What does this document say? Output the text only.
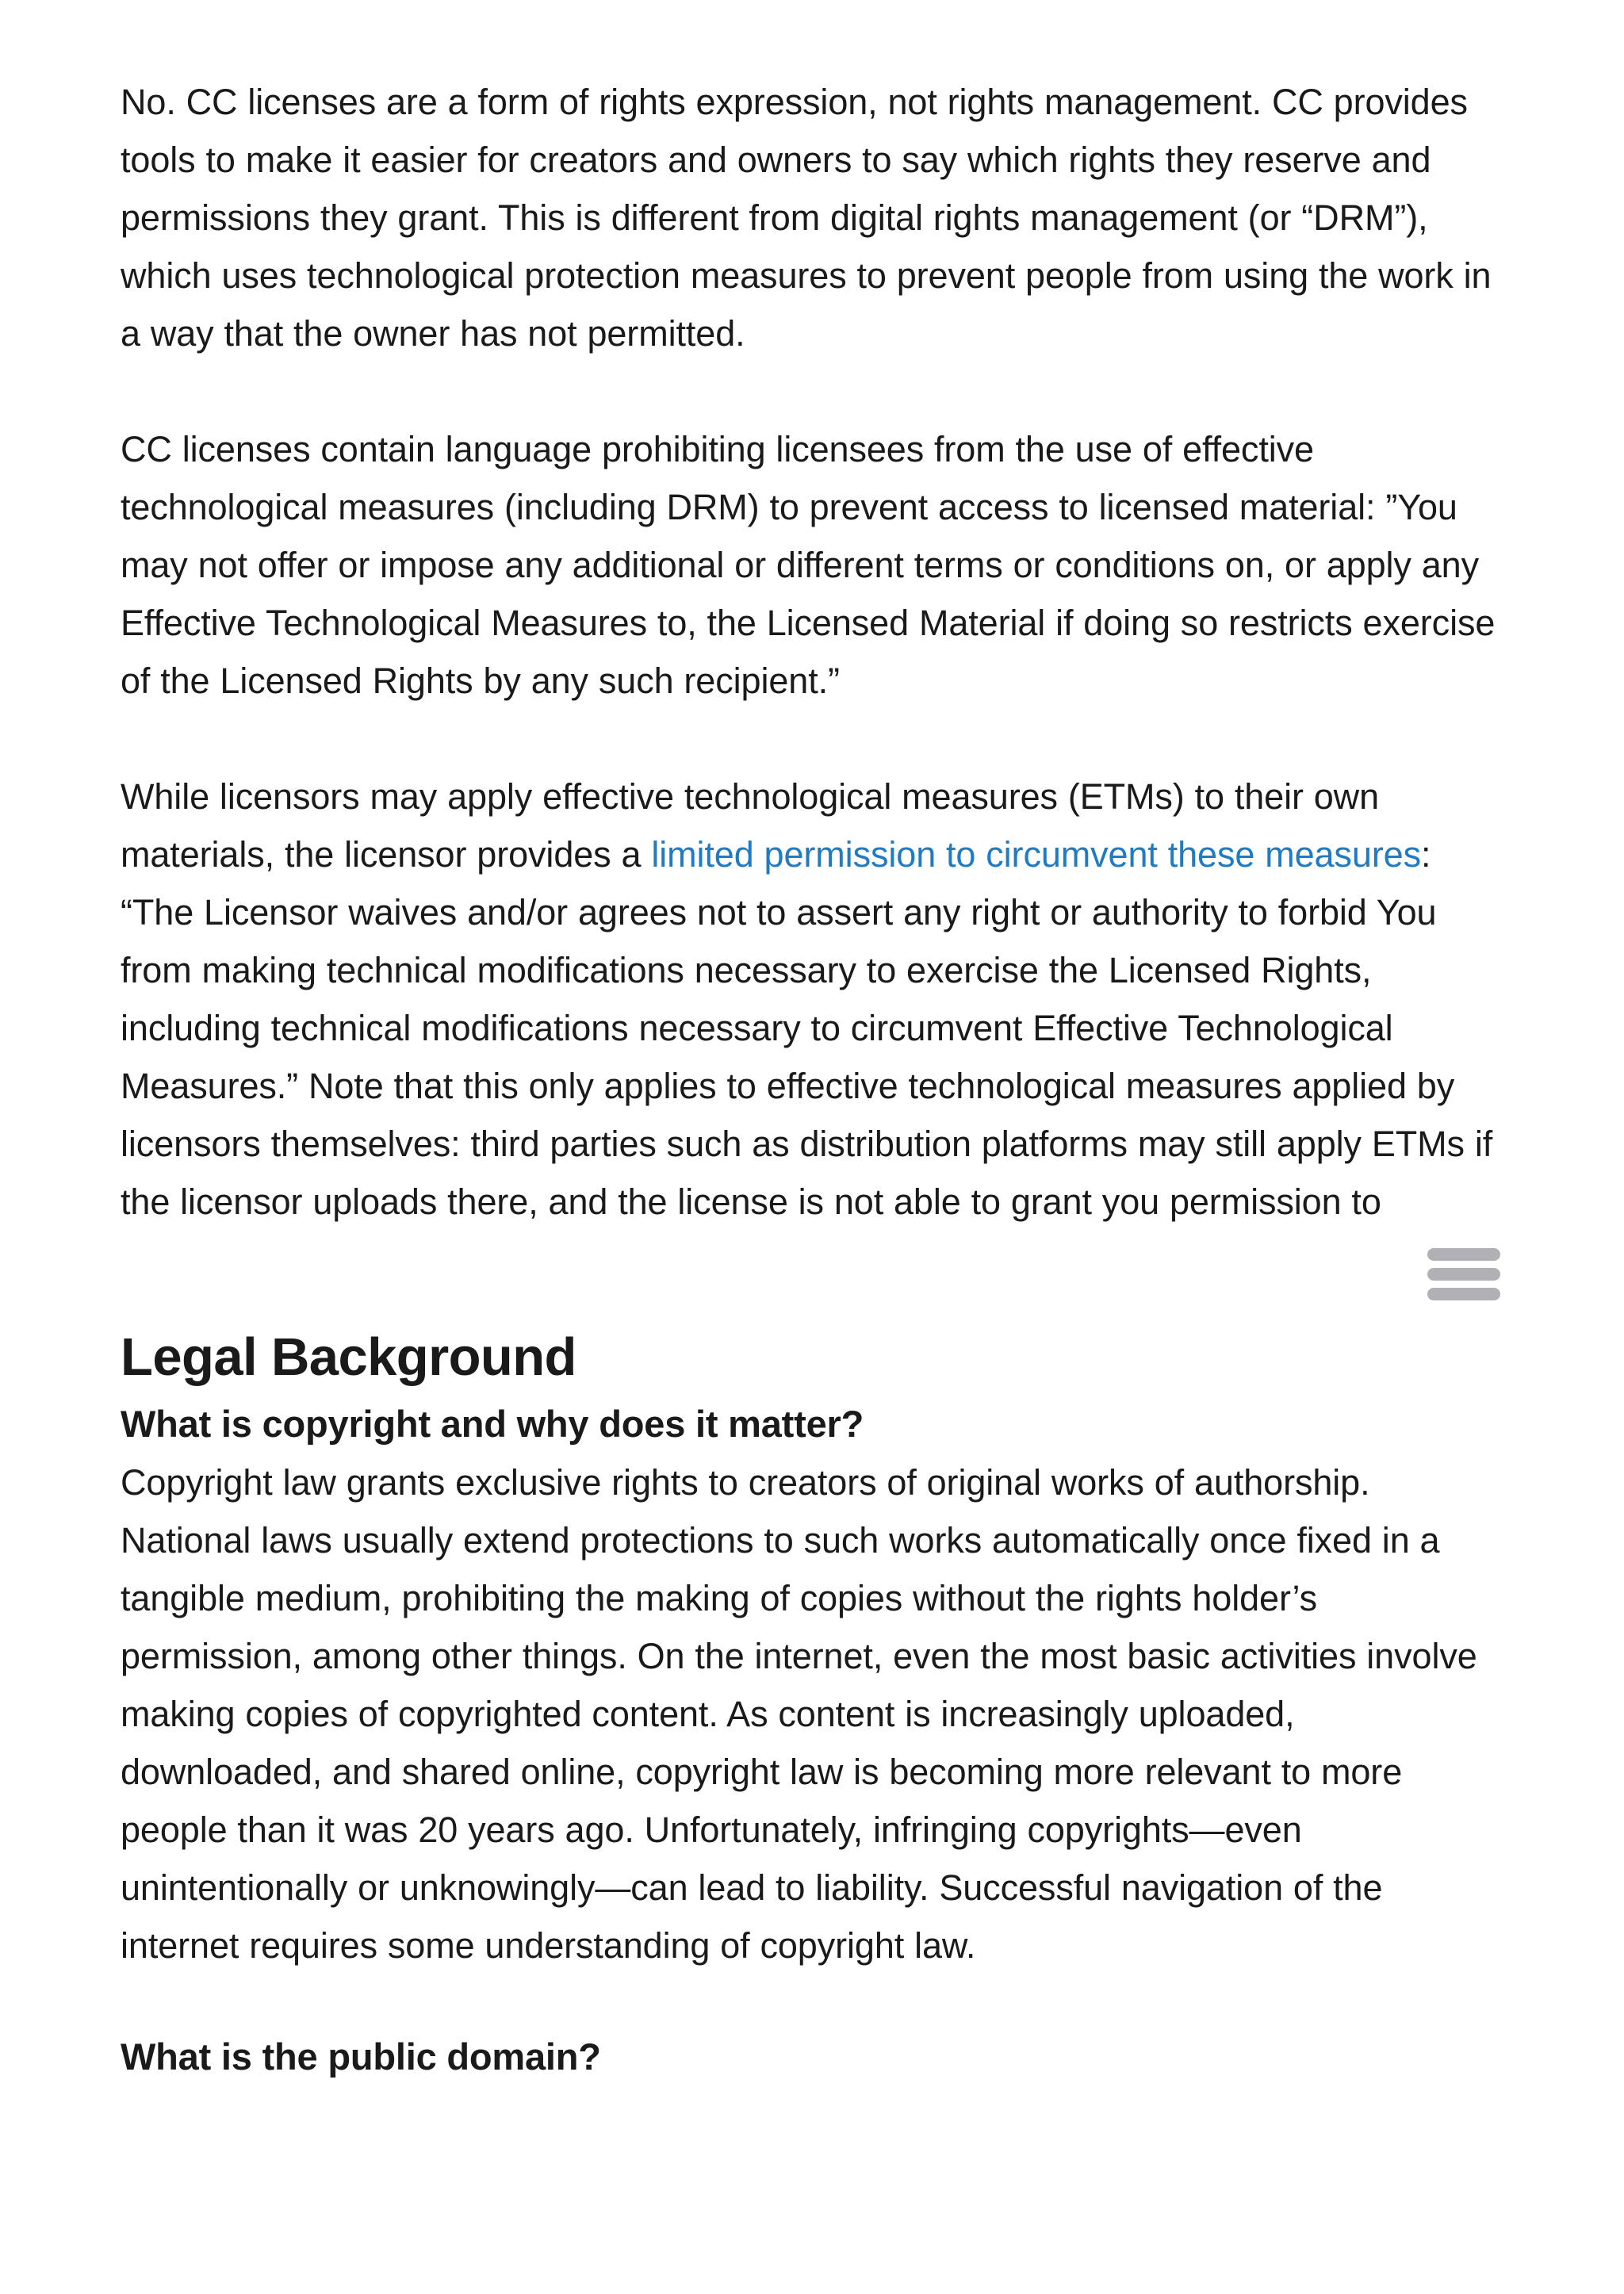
No. CC licenses are a form of rights expression, not rights management. CC provides tools to make it easier for creators and owners to say which rights they reserve and permissions they grant. This is different from digital rights management (or “DRM”), which uses technological protection measures to prevent people from using the work in a way that the owner has not permitted.

CC licenses contain language prohibiting licensees from the use of effective technological measures (including DRM) to prevent access to licensed material: ”You may not offer or impose any additional or different terms or conditions on, or apply any Effective Technological Measures to, the Licensed Material if doing so restricts exercise of the Licensed Rights by any such recipient.”

While licensors may apply effective technological measures (ETMs) to their own materials, the licensor provides a limited permission to circumvent these measures: “The Licensor waives and/or agrees not to assert any right or authority to forbid You from making technical modifications necessary to exercise the Licensed Rights, including technical modifications necessary to circumvent Effective Technological Measures.” Note that this only applies to effective technological measures applied by licensors themselves: third parties such as distribution platforms may still apply ETMs if the licensor uploads there, and the license is not able to grant you permission to

Legal Background
What is copyright and why does it matter?

Copyright law grants exclusive rights to creators of original works of authorship. National laws usually extend protections to such works automatically once fixed in a tangible medium, prohibiting the making of copies without the rights holder’s permission, among other things. On the internet, even the most basic activities involve making copies of copyrighted content. As content is increasingly uploaded, downloaded, and shared online, copyright law is becoming more relevant to more people than it was 20 years ago. Unfortunately, infringing copyrights—even unintentionally or unknowingly—can lead to liability. Successful navigation of the internet requires some understanding of copyright law.

What is the public domain?
